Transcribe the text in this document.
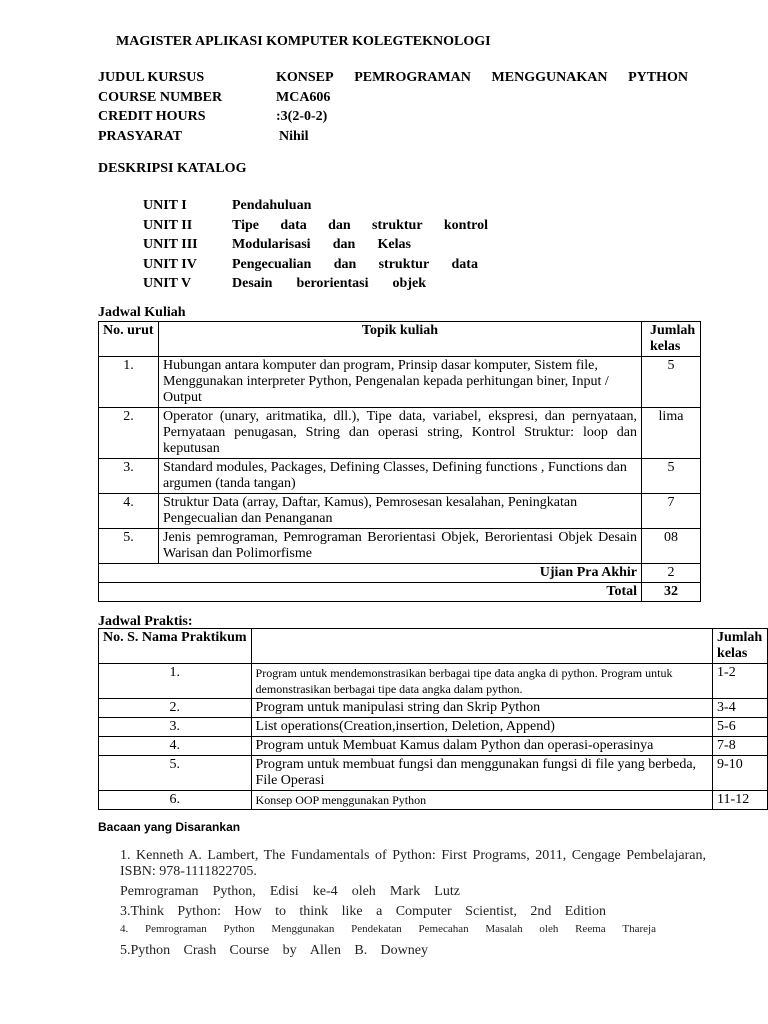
MAGISTER APLIKASI KOMPUTER KOLEGTEKNOLOGI
JUDUL KURSUS	KONSEP PEMROGRAMAN MENGGUNAKAN PYTHON
COURSE NUMBER	MCA606
CREDIT HOURS	:3(2-0-2)
PRASYARAT	Nihil
DESKRIPSI KATALOG
UNIT I	Pendahuluan
UNIT II	Tipe data dan struktur kontrol
UNIT III	Modularisasi dan Kelas
UNIT IV	Pengecualian dan struktur data
UNIT V	Desain berorientasi objek
Jadwal Kuliah
No. urut	Topik kuliah	Jumlah kelas
1.	Hubungan antara komputer dan program, Prinsip dasar komputer, Sistem file, Menggunakan interpreter Python, Pengenalan kepada perhitungan biner, Input / Output	5
2.	Operator (unary, aritmatika, dll.), Tipe data, variabel, ekspresi, dan pernyataan, Pernyataan penugasan, String dan operasi string, Kontrol Struktur: loop dan keputusan	lima
3.	Standard modules, Packages, Defining Classes, Defining functions , Functions dan argumen (tanda tangan)	5
4.	Struktur Data (array, Daftar, Kamus), Pemrosesan kesalahan, Peningkatan Pengecualian dan Penanganan	7
5.	Jenis pemrograman, Pemrograman Berorientasi Objek, Berorientasi Objek Desain Warisan dan Polimorfisme	08
Ujian Pra Akhir		2
Total		32
Jadwal Praktis:
No. S. Nama Praktikum		Jumlah kelas
1.	Program untuk mendemonstrasikan berbagai tipe data angka di python. Program untuk demonstrasikan berbagai tipe data angka dalam python.	1-2
2.	Program untuk manipulasi string dan Skrip Python	3-4
3.	List operations(Creation,insertion, Deletion, Append)	5-6
4.	Program untuk Membuat Kamus dalam Python dan operasi-operasinya	7-8
5.	Program untuk membuat fungsi dan menggunakan fungsi di file yang berbeda, File Operasi	9-10
6.	Konsep OOP menggunakan Python	11-12
Bacaan yang Disarankan
1. Kenneth A. Lambert, The Fundamentals of Python: First Programs, 2011, Cengage Pembelajaran, ISBN: 978-1111822705.
Pemrograman Python, Edisi ke-4 oleh Mark Lutz
3.Think Python: How to think like a Computer Scientist, 2nd Edition
4. Pemrograman Python Menggunakan Pendekatan Pemecahan Masalah oleh Reema Thareja
5.Python Crash Course by Allen B. Downey
